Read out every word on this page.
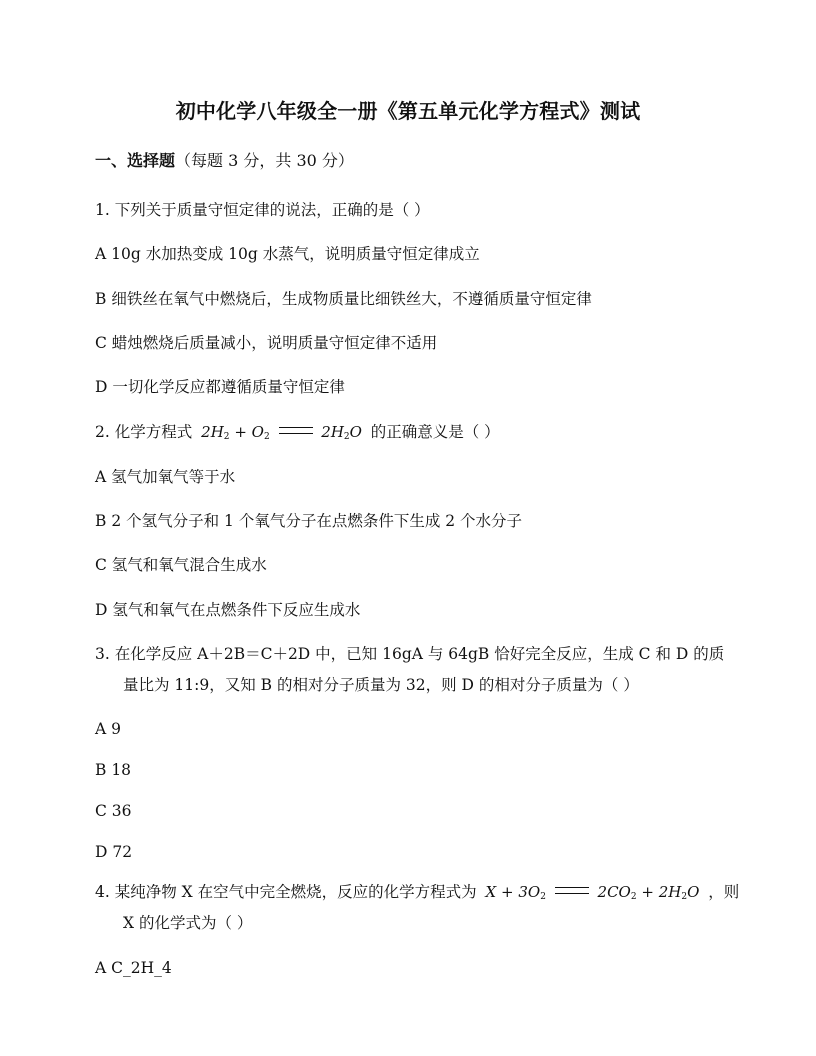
初中化学八年级全一册《第五单元化学方程式》测试
一、选择题（每题 3 分，共 30 分）
1. 下列关于质量守恒定律的说法，正确的是（ ）
A 10g 水加热变成 10g 水蒸气，说明质量守恒定律成立
B 细铁丝在氧气中燃烧后，生成物质量比细铁丝大，不遵循质量守恒定律
C 蜡烛燃烧后质量减小，说明质量守恒定律不适用
D 一切化学反应都遵循质量守恒定律
2. 化学方程式 $2H_2 + O_2$	$2H_2O$ 的正确意义是（ ）
A 氢气加氧气等于水
B 2 个氢气分子和 1 个氧气分子在点燃条件下生成 2 个水分子
C 氢气和氧气混合生成水
D 氢气和氧气在点燃条件下反应生成水
3. 在化学反应 A＋2B＝C＋2D 中，已知 16gA 与 64gB 恰好完全反应，生成 C 和 D 的质
量比为 11:9，又知 B 的相对分子质量为 32，则 D 的相对分子质量为（ ）
A 9
B 18
C 36
D 72
4. 某纯净物 X 在空气中完全燃烧，反应的化学方程式为 $X + 3O_2$	$2CO_2 + 2H_2O$ ，则
X 的化学式为（ ）
A C_2H_4
